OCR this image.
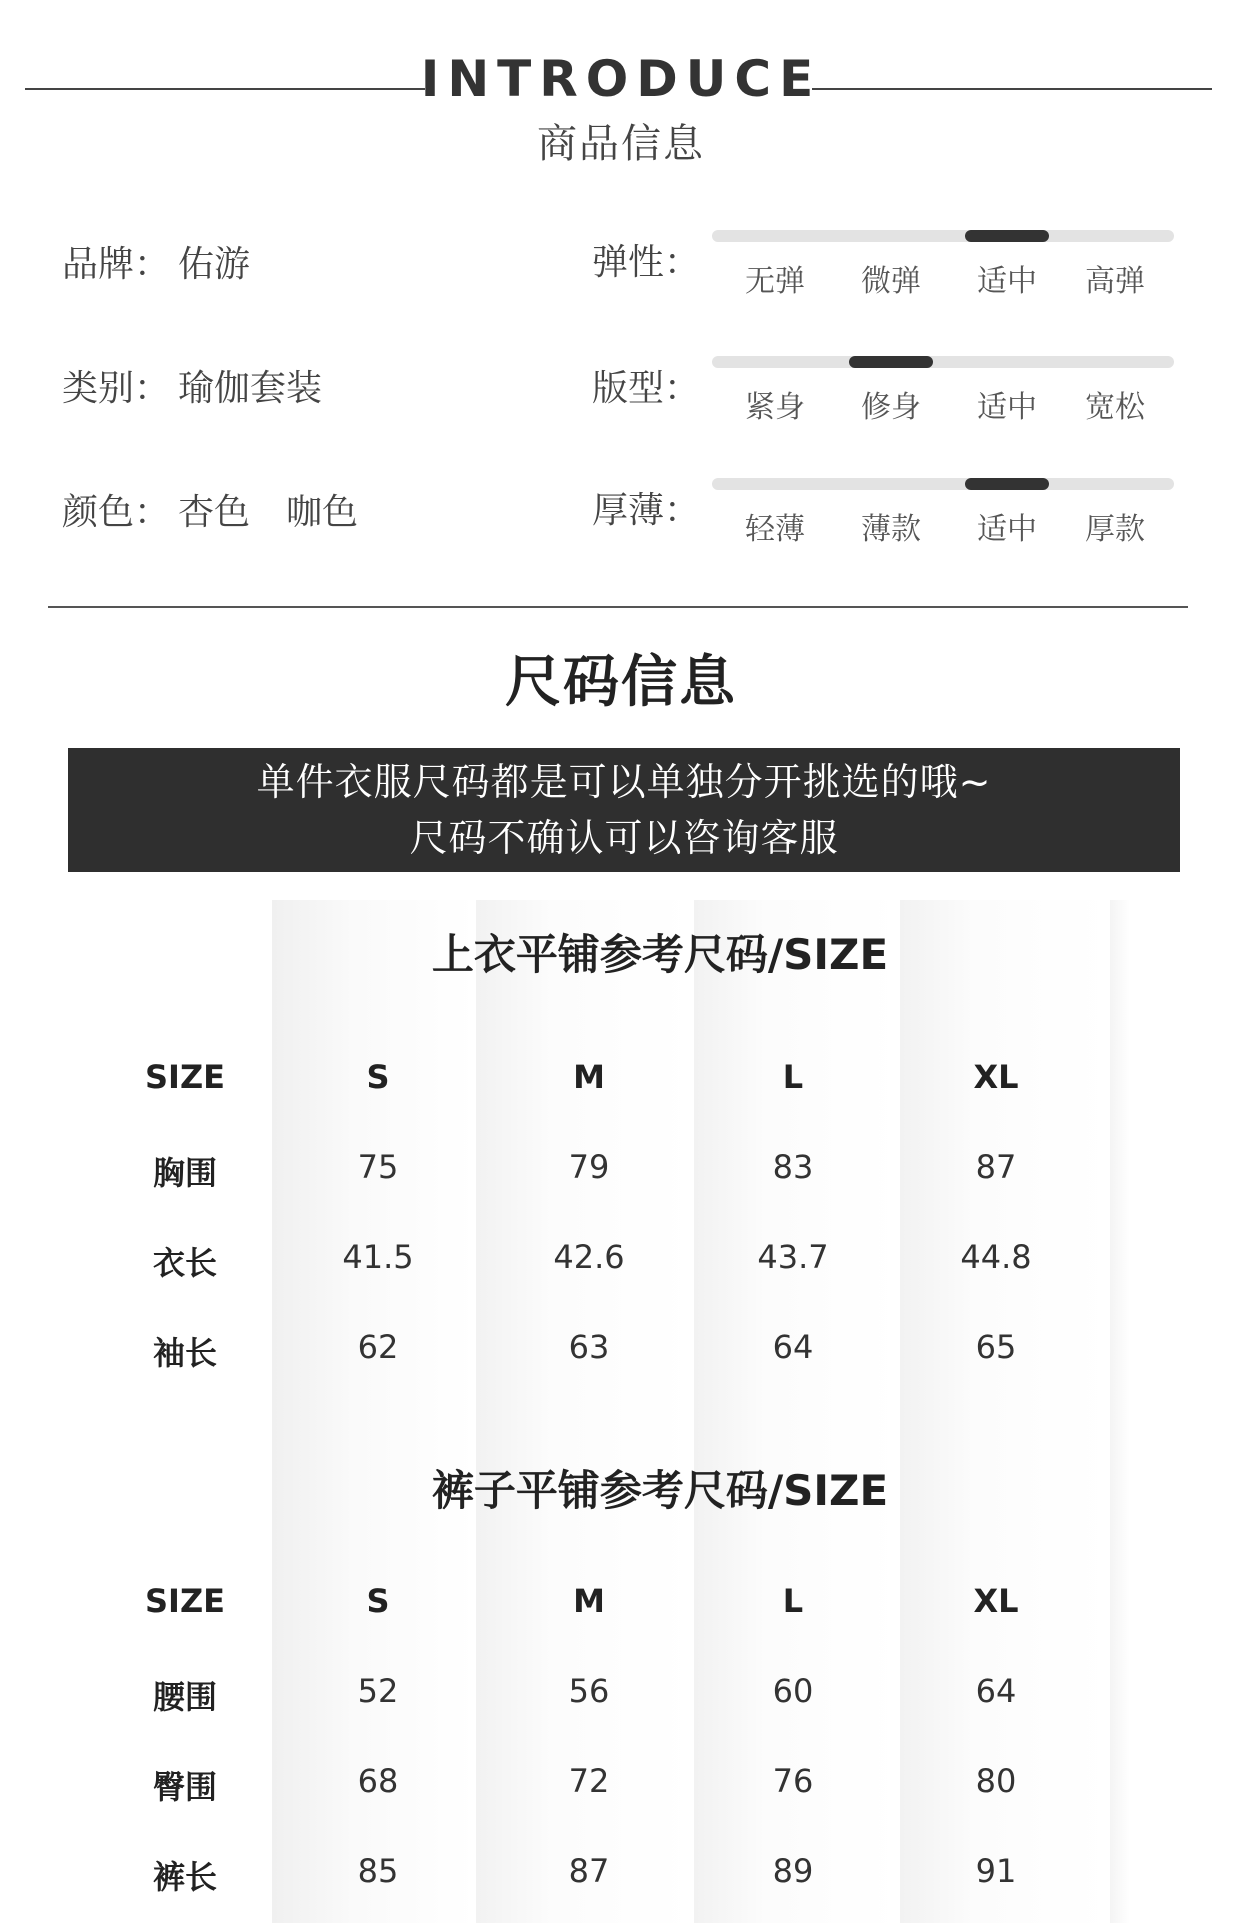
INTRODUCE
商品信息
品牌： 佑游
类别： 瑜伽套装
颜色： 杏色 咖色
弹性：	无弹	微弹	适中	高弹
版型：	紧身	修身	适中	宽松
厚薄：	轻薄	薄款	适中	厚款
尺码信息
单件衣服尺码都是可以单独分开挑选的哦~
尺码不确认可以咨询客服
上衣平铺参考尺码/SIZE
SIZE	S	M	L	XL
胸围	75	79	83	87
衣长	41.5	42.6	43.7	44.8
袖长	62	63	64	65
裤子平铺参考尺码/SIZE
SIZE	S	M	L	XL
腰围	52	56	60	64
臀围	68	72	76	80
裤长	85	87	89	91
